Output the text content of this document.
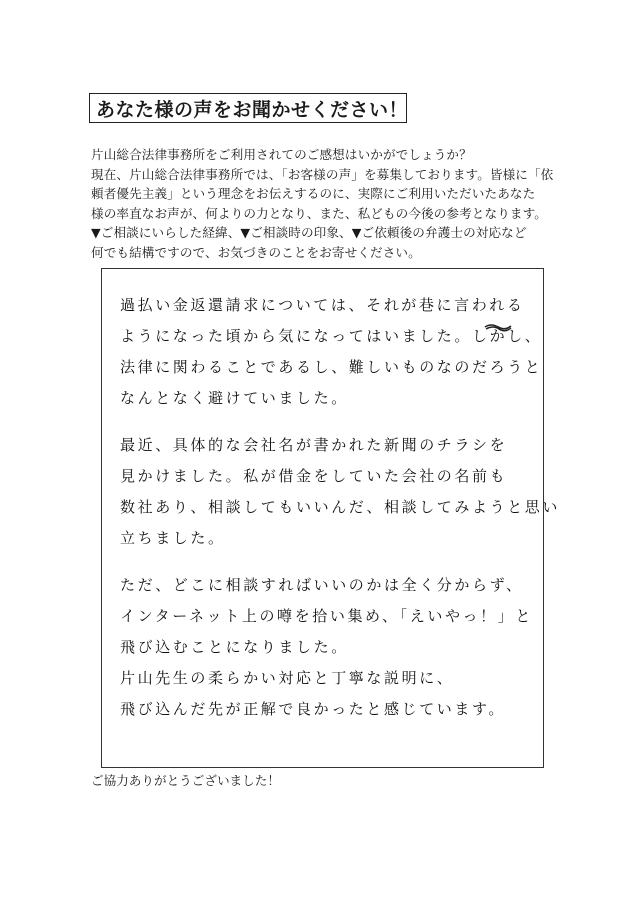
あなた様の声をお聞かせください！
片山総合法律事務所をご利用されてのご感想はいかがでしょうか？
現在、片山総合法律事務所では、「お客様の声」を募集しております。皆様に「依
頼者優先主義」という理念をお伝えするのに、実際にご利用いただいたあなた
様の率直なお声が、何よりの力となり、また、私どもの今後の参考となります。
▼ご相談にいらした経緯、▼ご相談時の印象、▼ご依頼後の弁護士の対応など
何でも結構ですので、お気づきのことをお寄せください。
過払い金返還請求については、それが巷に言われる
ようになった頃から気になってはいました。しかし、
法律に関わることであるし、難しいものなのだろうと
なんとなく避けていました。
最近、具体的な会社名が書かれた新聞のチラシを
見かけました。私が借金をしていた会社の名前も
数社あり、相談してもいいんだ、相談してみようと思い
立ちました。
ただ、どこに相談すればいいのかは全く分からず、
インターネット上の噂を拾い集め、「えいやっ！」と
飛び込むことになりました。
片山先生の柔らかい対応と丁寧な説明に、
飛び込んだ先が正解で良かったと感じています。
ご協力ありがとうございました！
